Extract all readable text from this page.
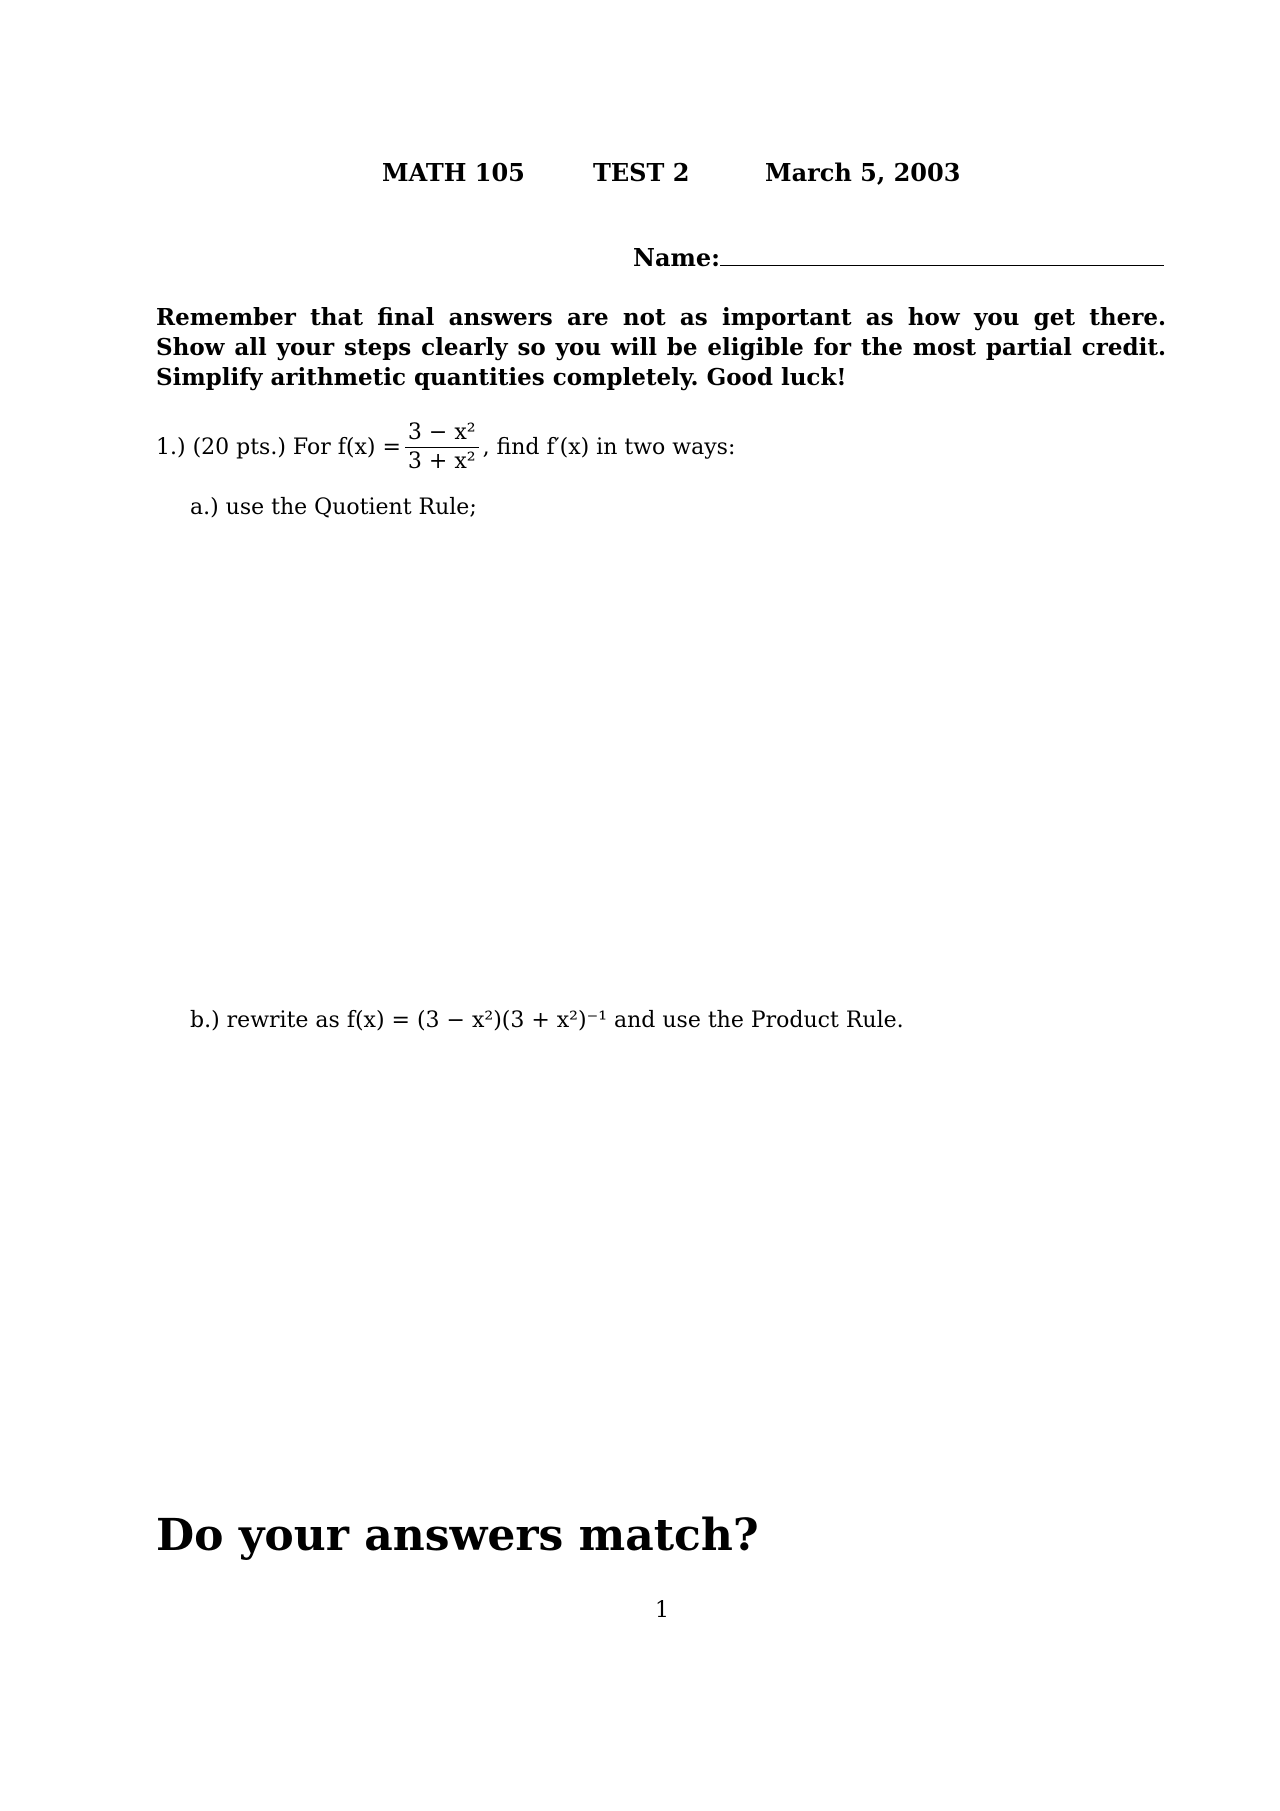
MATH 105	TEST 2	March 5, 2003
Name:
Remember that final answers are not as important as how you get there. Show all your steps clearly so you will be eligible for the most partial credit. Simplify arithmetic quantities completely. Good luck!
1.) (20 pts.) For $f(x) = \frac{\text{3 − x²}}{\text{3 + x²}}$ , find f′(x) in two ways:
a.) use the Quotient Rule;
b.) rewrite as f(x) = (3 − x²)(3 + x²)⁻¹ and use the Product Rule.
Do your answers match?
1
